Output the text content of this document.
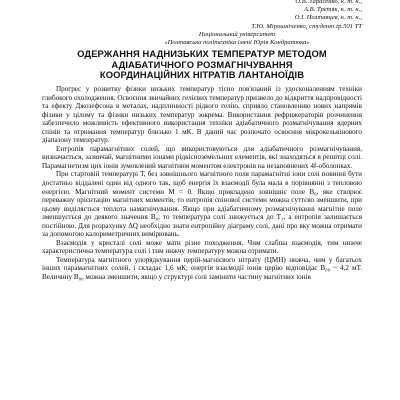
О.В. Тарасенко, к. т. н.,
А.В. Третяк, к. т. н.,
О.І. Полтавцев, к. т. н.,
Т.Ю. Мірошніченко, студент гр.501 ТТ
Національний університет
«Полтавська політехніка імені Юрія Кондратюка»
ОДЕРЖАННЯ НАДНИЗЬКИХ ТЕМПЕРАТУР МЕТОДОМ
АДІАБАТИЧНОГО РОЗМАГНІЧУВАННЯ
КООРДИНАЦІЙНИХ НІТРАТІВ ЛАНТАНОЇДІВ

Прогрес у розвитку фізики низьких температур тісно пов'язаний із удосконаленням техніки глибокого охолодження. Освоєння звичайних гелієвих температур призвело до відкриття надпровідності та ефекту Джозефсона в металах, надплинності рідкого гелію, сприяло становленню нових напрямів фізики у цілому та фізики низьких температур зокрема. Використання рефрижераторів розчинення забезпечило можливість ефективного використання техніки адіабатичного розмагнічування ядерних спінів та отримання температур близько 1 мК. В даний час розпочато освоєння мікрокельвінового діапазону температур.

Ентропія парамагнітних солей, що використовуються для адіабатичного розмагнічування, визначається, зазвичай, магнітними іонами рідкісноземельних елементів, які знаходяться в решітці солі. Парамагнетизм цих іонів зумовлений магнітним моментом електронів на незаповнених 4f-оболонках.

При стартовій температурі Т, без зовнішнього магнітного поля парамагнітні іони солі повинні бути достатньо віддалені один від одного так, щоб енергія їх взаємодії була мала в порівнянні з тепловою енергією. Магнітний момент системи М = 0. Якщо прикладено зовнішнє поле B₀, яке створює переважну орієнтацію магнітних моментів, то ентропія спінової системи можна суттєво зменшити, при цьому виділяється теплота намагнічування. Якщо при адіабатичному розмагнічуванні магнітне поле зменшується до деякого значення B₀, то температура солі знижується до T₁, а ентропія залишається постійною. Для розрахунку ΔQ необхідно знати ентропійну діаграму солі, дані про яку можна отримати за допомогою калориметричних вимірювань.

Взаємодія у кристалі солі може мати різне походження. Чим слабша взаємодія, тим нижче характеристична температура солі і тим нижчу температуру можна отримати.

Температура магнітного упорядкування церій-магнієвого нітрату (ЦМН) нижча, чим у багатьох інших парамагнітних солей, і складає 1,6 мК; енергія взаємодії іонів церію відповідає B₀₀ ~ 4,2 мТ. Величину B₀₀ можна зменшити, якщо у структурі солі замінити частину магнітних іонів
